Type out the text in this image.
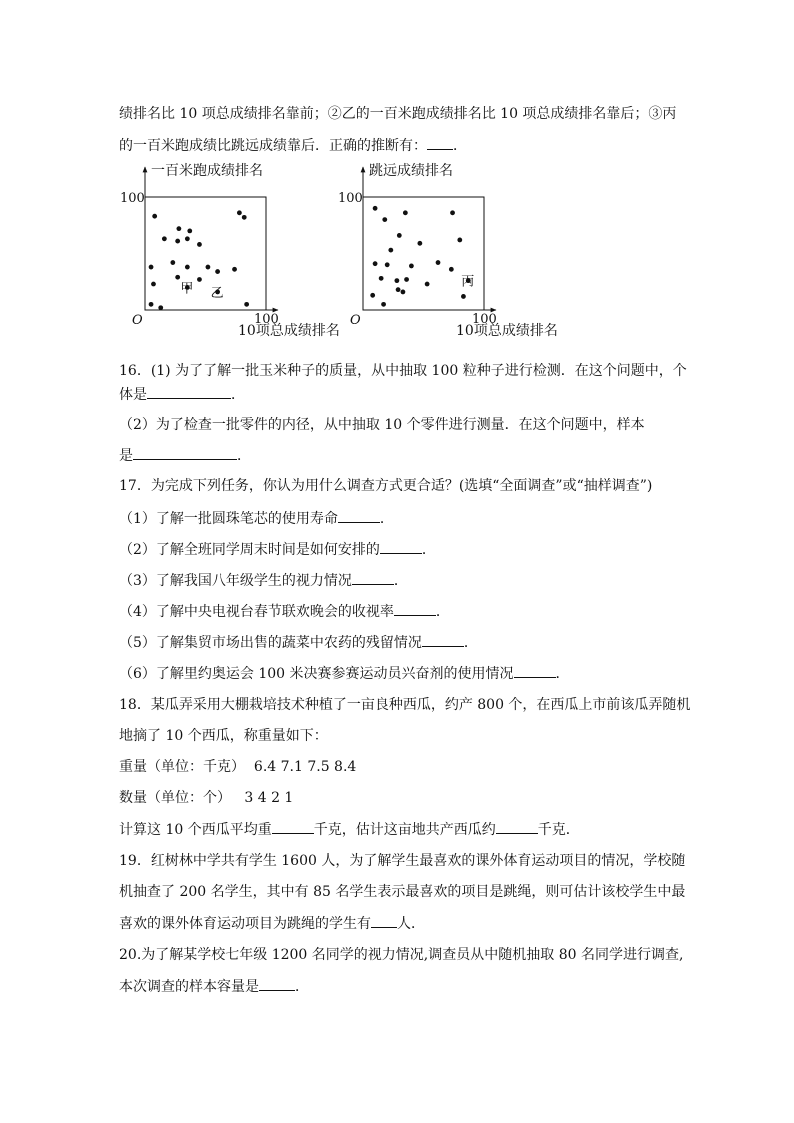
绩排名比 10 项总成绩排名靠前；②乙的一百米跑成绩排名比 10 项总成绩排名靠后；③丙
的一百米跑成绩比跳远成绩靠后．正确的推断有： ．
一百米跑成绩排名
10项总成绩排名
O
100
100
乙
甲
跳远成绩排名
10项总成绩排名
O
100
100
丙
16．(1) 为了了解一批玉米种子的质量，从中抽取 100 粒种子进行检测．在这个问题中，个
体是	．
（2）为了检查一批零件的内径，从中抽取 10 个零件进行测量．在这个问题中，样本
是	．
17．为完成下列任务，你认为用什么调查方式更合适？(选填“全面调查”或“抽样调查”)
（1）了解一批圆珠笔芯的使用寿命	．
（2）了解全班同学周末时间是如何安排的	．
（3）了解我国八年级学生的视力情况	．
（4）了解中央电视台春节联欢晚会的收视率	．
（5）了解集贸市场出售的蔬菜中农药的残留情况	．
（6）了解里约奥运会 100 米决赛参赛运动员兴奋剂的使用情况	．
18．某瓜弄采用大棚栽培技术种植了一亩良种西瓜，约产 800 个，在西瓜上市前该瓜弄随机
地摘了 10 个西瓜，称重量如下：
重量（单位：千克） 6.4 7.1 7.5 8.4
数量（单位：个） 3 4 2 1
计算这 10 个西瓜平均重	千克，估计这亩地共产西瓜约	千克．
19．红树林中学共有学生 1600 人，为了解学生最喜欢的课外体育运动项目的情况，学校随
机抽查了 200 名学生，其中有 85 名学生表示最喜欢的项目是跳绳，则可估计该校学生中最
喜欢的课外体育运动项目为跳绳的学生有 人．
20.为了解某学校七年级 1200 名同学的视力情况,调查员从中随机抽取 80 名同学进行调查,
本次调查的样本容量是	．
